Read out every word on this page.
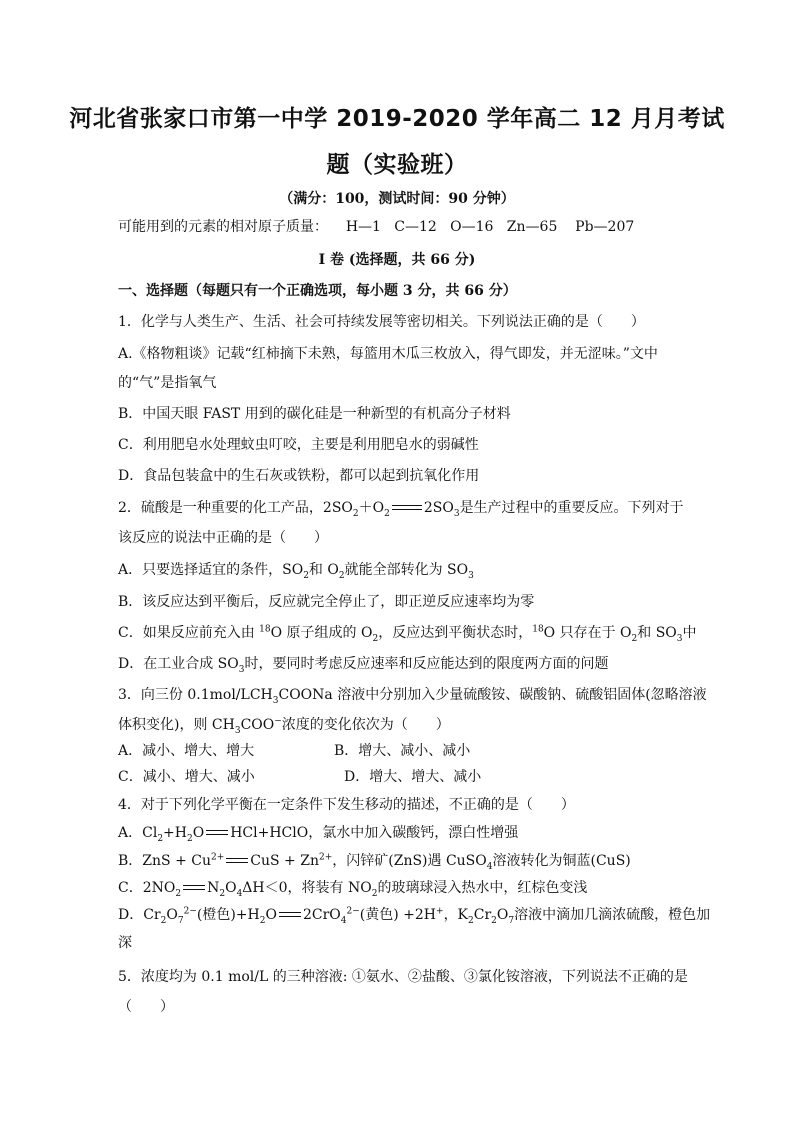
河北省张家口市第一中学 2019-2020 学年高二 12 月月考试
题（实验班）
（满分：100，测试时间：90 分钟）
可能用到的元素的相对原子质量： H—1   C—12   O—16   Zn—65    Pb—207
I 卷 (选择题，共 66 分)
一、选择题（每题只有一个正确选项，每小题 3 分，共 66 分）
1．化学与人类生产、生活、社会可持续发展等密切相关。下列说法正确的是（　　）
A.《格物粗谈》记载“红柿摘下未熟，每篮用木瓜三枚放入，得气即发，并无涩味。”文中
的“气”是指氧气
B．中国天眼 FAST 用到的碳化硅是一种新型的有机高分子材料
C．利用肥皂水处理蚊虫叮咬，主要是利用肥皂水的弱碱性
D．食品包装盒中的生石灰或铁粉，都可以起到抗氧化作用
2．硫酸是一种重要的化工产品，$2SO_2+O_2$ $2SO_3$是生产过程中的重要反应。下列对于
该反应的说法中正确的是（　　）
A．只要选择适宜的条件，$SO_2$和 $O_2$就能全部转化为 $SO_3$
B．该反应达到平衡后，反应就完全停止了，即正逆反应速率均为零
C．如果反应前充入由 $^{18}$O 原子组成的 $O_2$，反应达到平衡状态时，$^{18}$O 只存在于 $O_2$和 $SO_3$中
D．在工业合成 $SO_3$时，要同时考虑反应速率和反应能达到的限度两方面的问题
3．向三份 $0.1mol/LCH_3COONa$ 溶液中分别加入少量硫酸铵、碳酸钠、硫酸铝固体(忽略溶液
体积变化)，则 $CH_3COO^-$浓度的变化依次为（　　）
A．减小、增大、增大	B．增大、减小、减小
C．减小、增大、减小	D．增大、增大、减小
4．对于下列化学平衡在一定条件下发生移动的描述，不正确的是（　　）
A．$Cl_2+H_2O$ HCl+HClO，氯水中加入碳酸钙，漂白性增强
B．ZnS + $Cu^{2+}$ CuS + $Zn^{2+}$，闪锌矿(ZnS)遇 CuSO$_4$溶液转化为铜蓝(CuS)
C．$2NO_2$ $N_2O_4\Delta H<0$，将装有 $NO_2$的玻璃球浸入热水中，红棕色变浅
D．$Cr_2O_7^{2-}$(橙色)$+H_2O$ 2CrO$_4^{2-}$(黄色) +2H+，$K_2Cr_2O_7$溶液中滴加几滴浓硫酸，橙色加
深
5．浓度均为 0.1 mol/L 的三种溶液: ①氨水、②盐酸、③氯化铵溶液，下列说法不正确的是
（　　）
